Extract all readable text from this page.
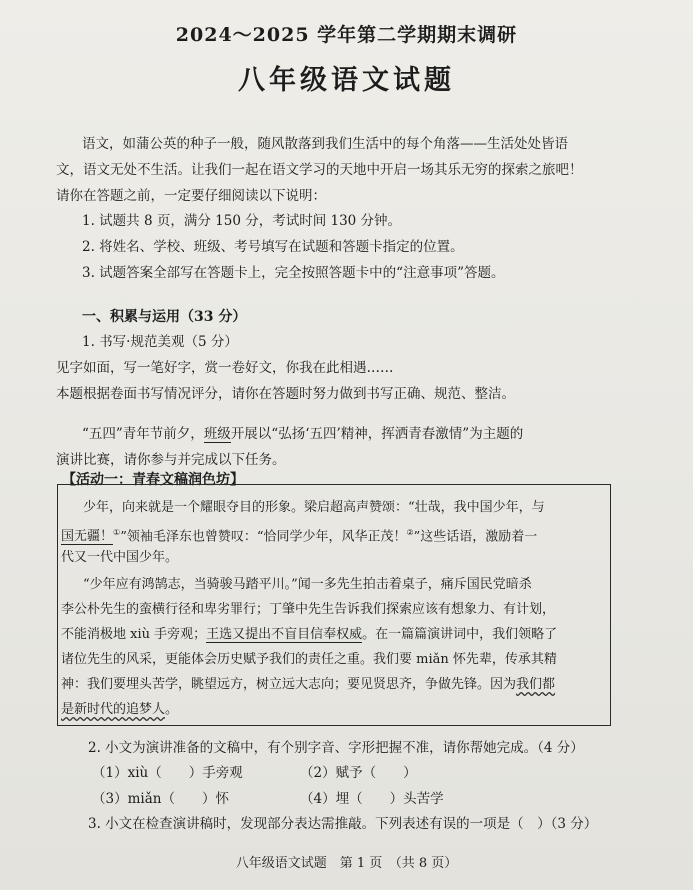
2024～2025 学年第二学期期末调研
八年级语文试题
语文，如蒲公英的种子一般，随风散落到我们生活中的每个角落——生活处处皆语
文，语文无处不生活。让我们一起在语文学习的天地中开启一场其乐无穷的探索之旅吧！
请你在答题之前，一定要仔细阅读以下说明：
1. 试题共 8 页，满分 150 分，考试时间 130 分钟。
2. 将姓名、学校、班级、考号填写在试题和答题卡指定的位置。
3. 试题答案全部写在答题卡上，完全按照答题卡中的“注意事项”答题。
一、积累与运用（33 分）
1. 书写·规范美观（5 分）
见字如面，写一笔好字，赏一卷好文，你我在此相遇……
本题根据卷面书写情况评分，请你在答题时努力做到书写正确、规范、整洁。
“五四”青年节前夕，班级开展以“弘扬‘五四’精神，挥洒青春激情”为主题的
演讲比赛，请你参与并完成以下任务。
【活动一：青春文稿润色坊】
少年，向来就是一个耀眼夺目的形象。梁启超高声赞颂：“壮哉，我中国少年，与
国无疆！①”领袖毛泽东也曾赞叹：“恰同学少年，风华正茂！②”这些话语，激励着一
代又一代中国少年。
“少年应有鸿鹄志，当骑骏马踏平川。”闻一多先生拍击着桌子，痛斥国民党暗杀
李公朴先生的蛮横行径和卑劣罪行；丁肇中先生告诉我们探索应该有想象力、有计划，
不能消极地 xiù 手旁观；王选又提出不盲目信奉权威。在一篇篇演讲词中，我们领略了
诸位先生的风采，更能体会历史赋予我们的责任之重。我们要 miǎn 怀先辈，传承其精
神：我们要埋头苦学，眺望远方，树立远大志向；要见贤思齐，争做先锋。因为我们都
是新时代的追梦人。
2. 小文为演讲准备的文稿中，有个别字音、字形把握不准，请你帮她完成。（4 分）
（1）xiù（　　）手旁观	（2）赋予（　　）
（3）miǎn（　　）怀	（4）埋（　　）头苦学
3. 小文在检查演讲稿时，发现部分表达需推敲。下列表述有误的一项是（　）（3 分）
八年级语文试题　第 1 页　（共 8 页）
